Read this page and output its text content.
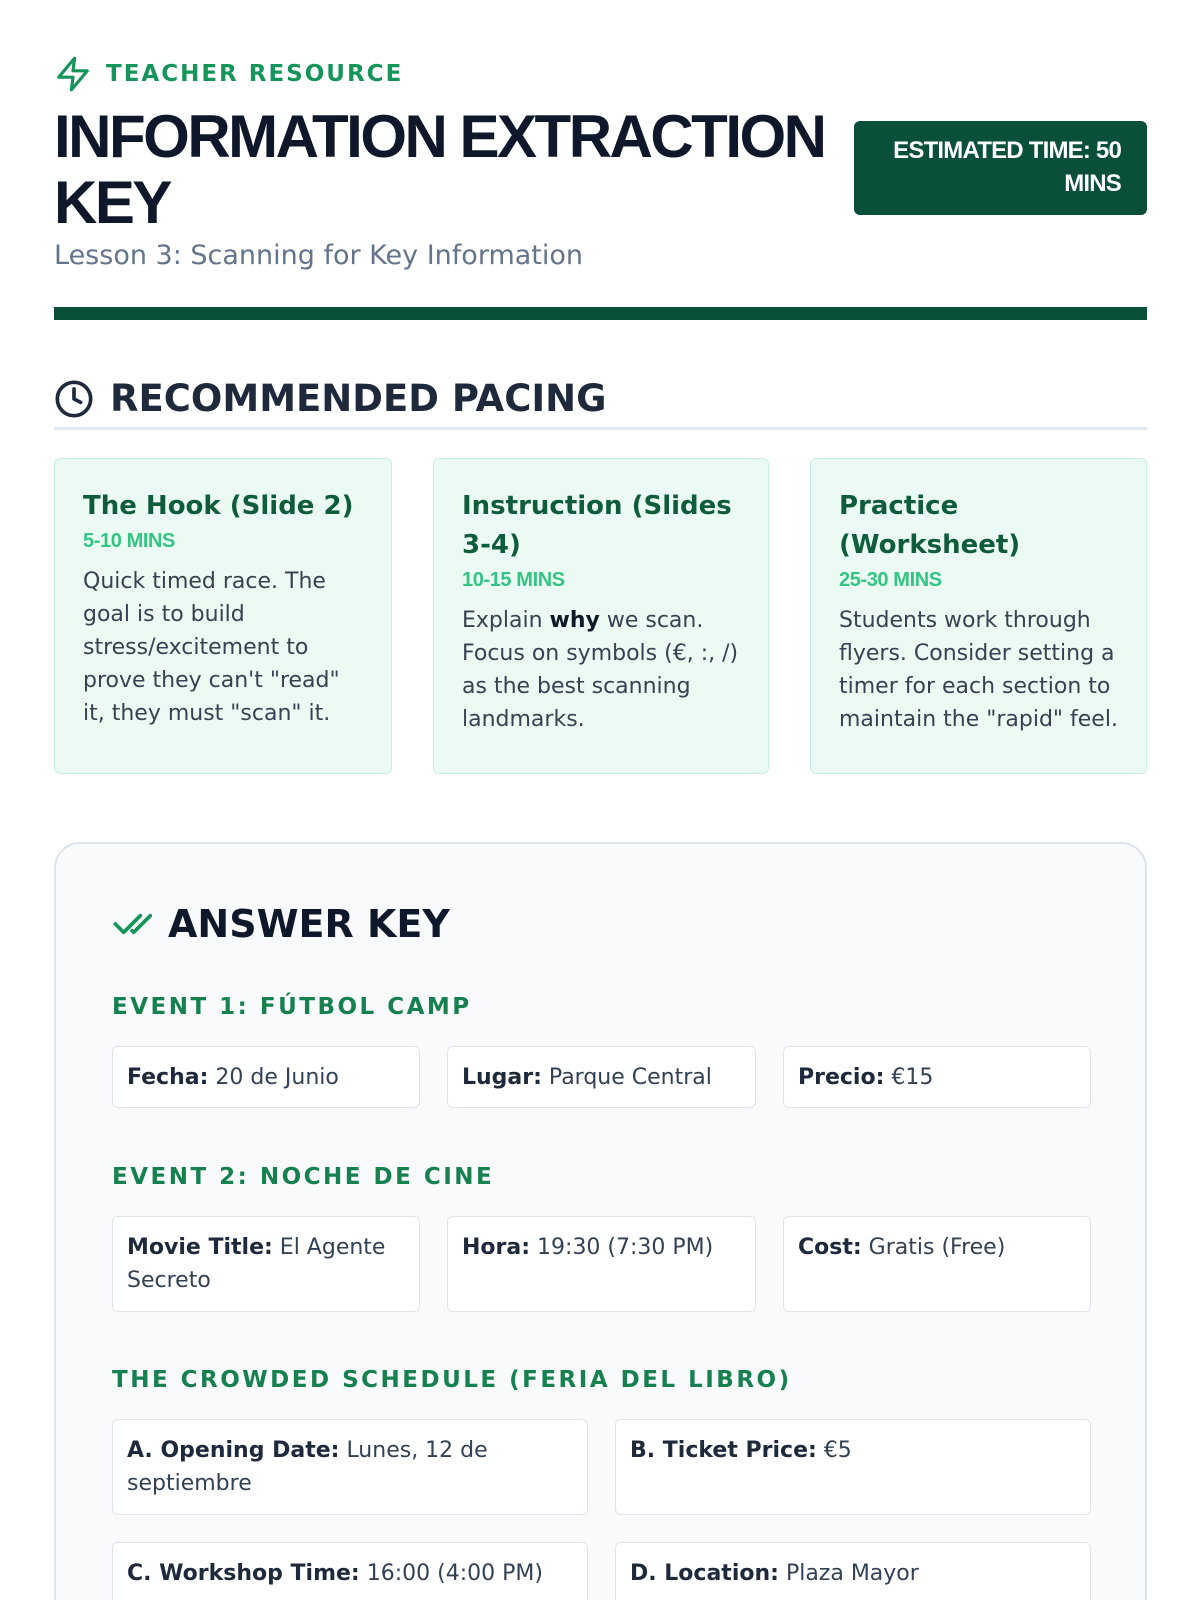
TEACHER RESOURCE
INFORMATION EXTRACTION KEY
ESTIMATED TIME: 50 MINS
Lesson 3: Scanning for Key Information
RECOMMENDED PACING
The Hook (Slide 2)
5-10 MINS

Quick timed race. The goal is to build stress/excitement to prove they can't "read" it, they must "scan" it.

Instruction (Slides 3-4)
10-15 MINS

Explain why we scan. Focus on symbols (€, :, /) as the best scanning landmarks.

Practice (Worksheet)
25-30 MINS

Students work through flyers. Consider setting a timer for each section to maintain the "rapid" feel.

ANSWER KEY
EVENT 1: FÚTBOL CAMP
Fecha: 20 de Junio	Lugar: Parque Central	Precio: €15
EVENT 2: NOCHE DE CINE
Movie Title: El Agente Secreto
Hora: 19:30 (7:30 PM)	Cost: Gratis (Free)
THE CROWDED SCHEDULE (FERIA DEL LIBRO)
A. Opening Date: Lunes, 12 de septiembre
B. Ticket Price: €5
C. Workshop Time: 16:00 (4:00 PM)	D. Location: Plaza Mayor
